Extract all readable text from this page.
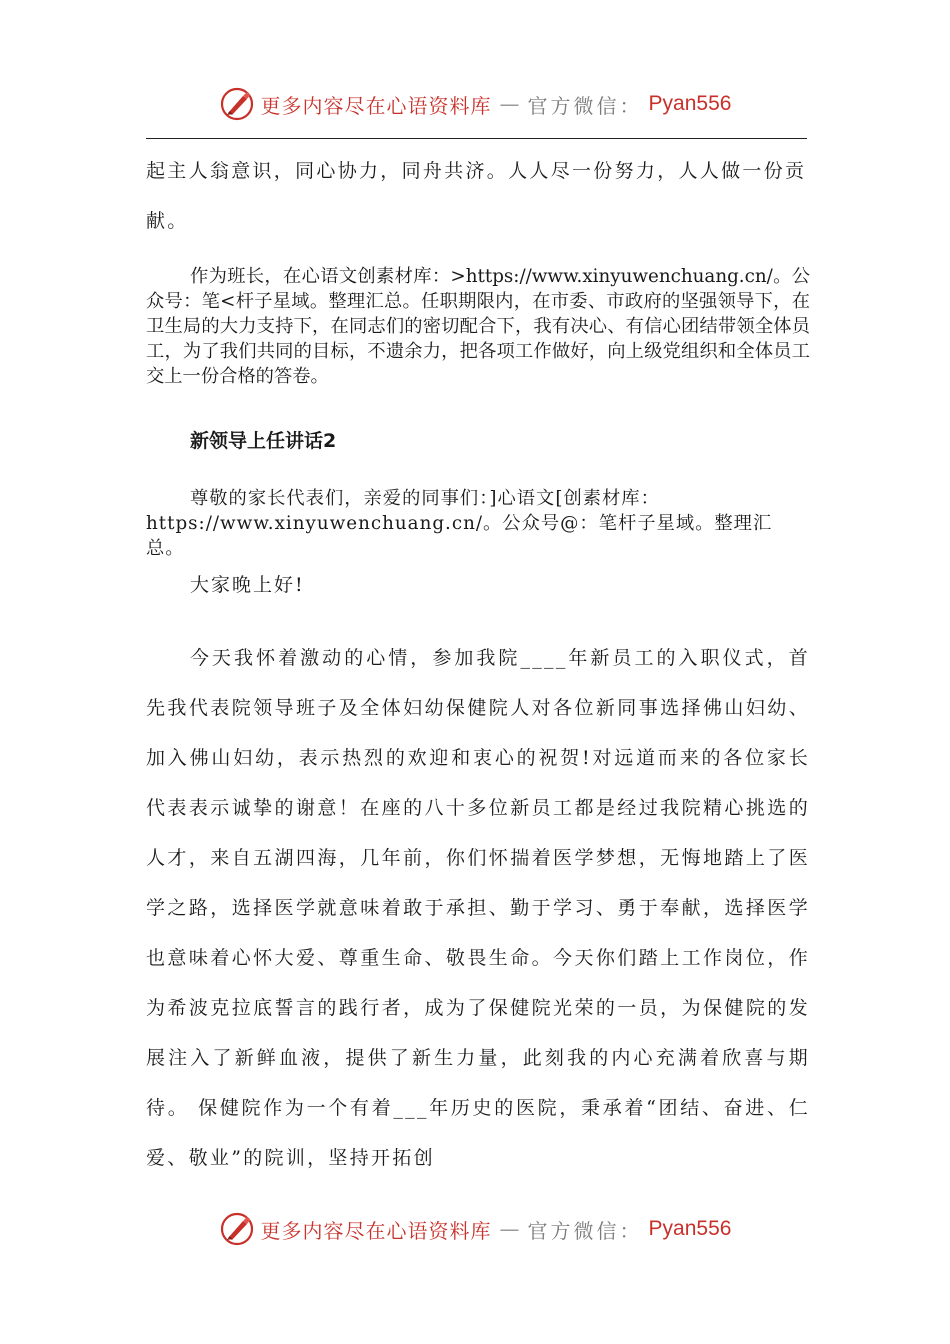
更多内容尽在心语资料库 — 官方微信： Pyan556

起主人翁意识，同心协力，同舟共济。人人尽一份努力，人人做一份贡献。

作为班长，在心语文创素材库：>https://www.xinyuwenchuang.cn/。公众号：笔<杆子星域。整理汇总。任职期限内，在市委、市政府的坚强领导下，在卫生局的大力支持下，在同志们的密切配合下，我有决心、有信心团结带领全体员工，为了我们共同的目标，不遗余力，把各项工作做好，向上级党组织和全体员工交上一份合格的答卷。

新领导上任讲话2

尊敬的家长代表们，亲爱的同事们：]心语文[创素材库：https://www.xinyuwenchuang.cn/。公众号@：笔杆子星域。整理汇总。

大家晚上好!

今天我怀着激动的心情，参加我院____年新员工的入职仪式，首先我代表院领导班子及全体妇幼保健院人对各位新同事选择佛山妇幼、加入佛山妇幼，表示热烈的欢迎和衷心的祝贺!对远道而来的各位家长代表表示诚挚的谢意！在座的八十多位新员工都是经过我院精心挑选的人才，来自五湖四海，几年前，你们怀揣着医学梦想，无悔地踏上了医学之路，选择医学就意味着敢于承担、勤于学习、勇于奉献，选择医学也意味着心怀大爱、尊重生命、敬畏生命。今天你们踏上工作岗位，作为希波克拉底誓言的践行者，成为了保健院光荣的一员，为保健院的发展注入了新鲜血液，提供了新生力量，此刻我的内心充满着欣喜与期待。 保健院作为一个有着___年历史的医院，秉承着“团结、奋进、仁爱、敬业”的院训，坚持开拓创

更多内容尽在心语资料库 — 官方微信： Pyan556
